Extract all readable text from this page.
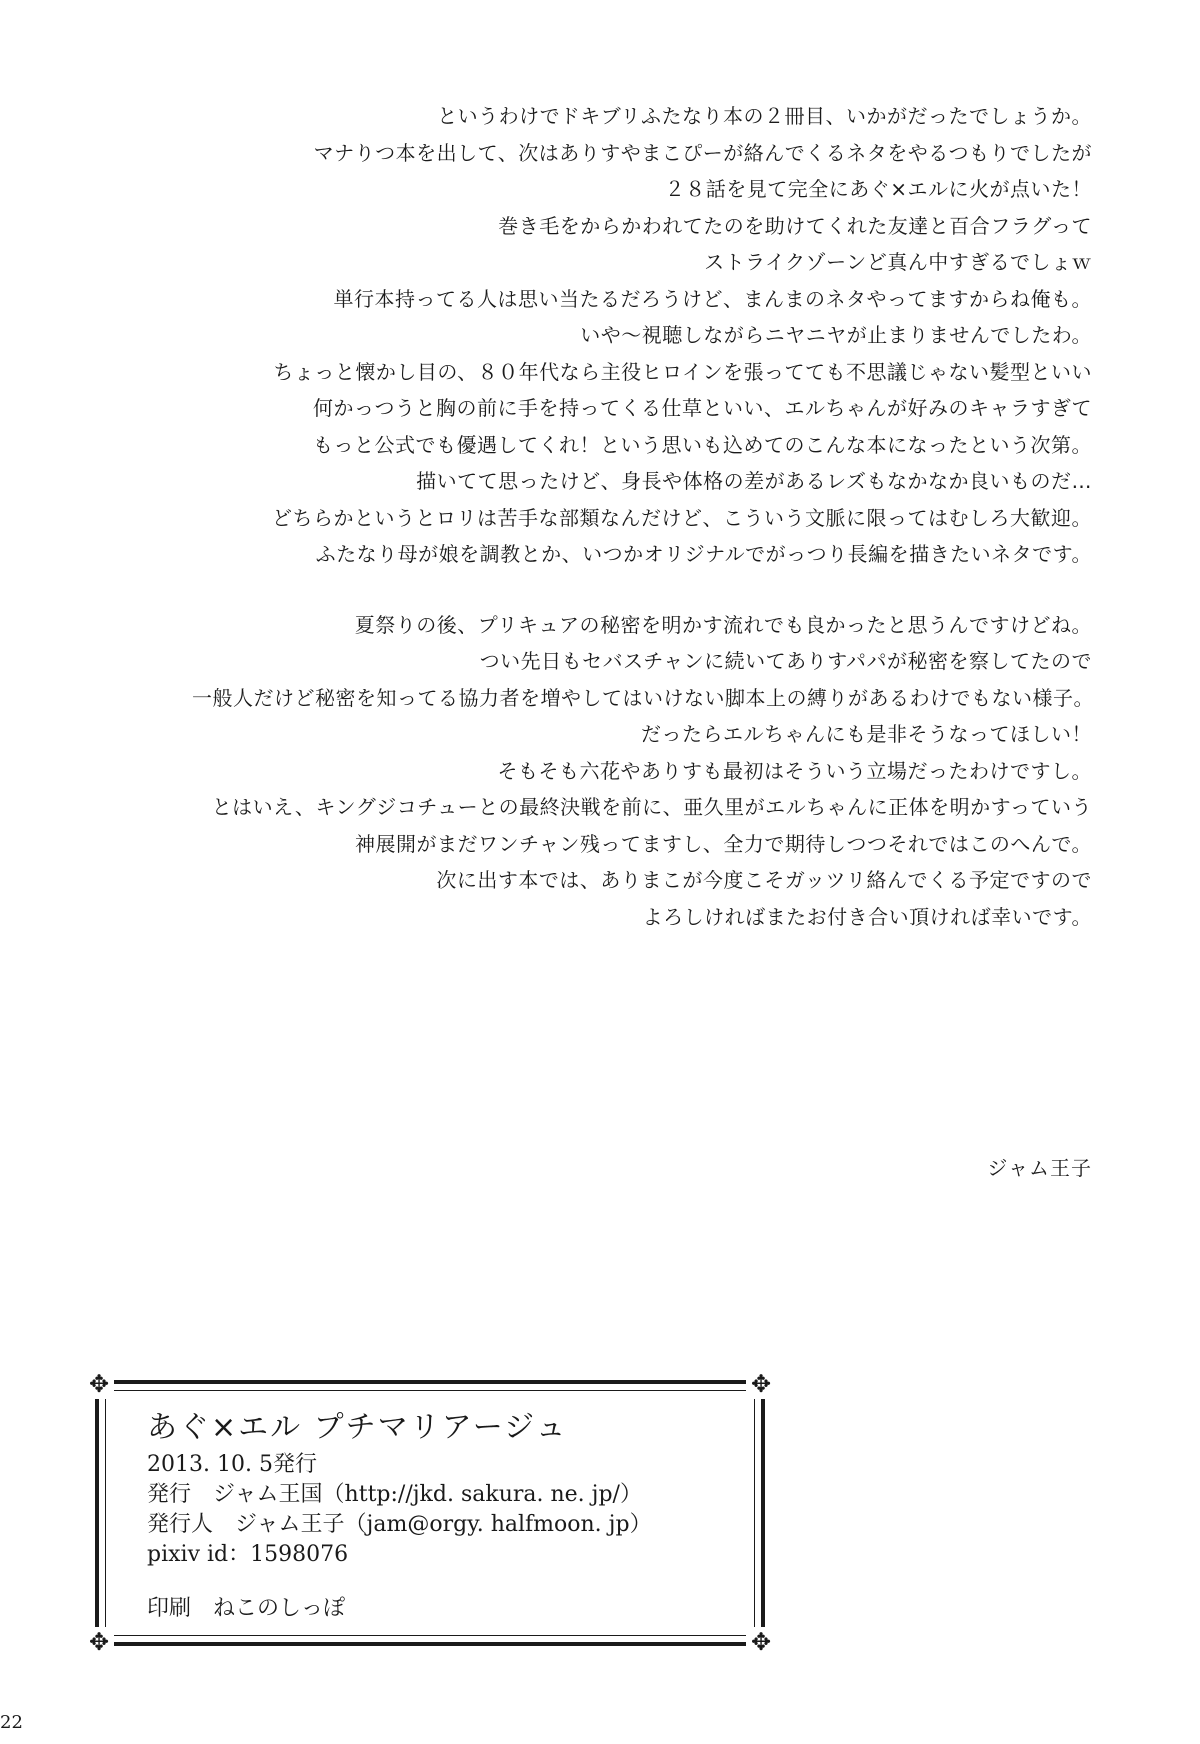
というわけでドキブリふたなり本の２冊目、いかがだったでしょうか。
マナりつ本を出して、次はありすやまこぴーが絡んでくるネタをやるつもりでしたが
２８話を見て完全にあぐ×エルに火が点いた！
巻き毛をからかわれてたのを助けてくれた友達と百合フラグって
ストライクゾーンど真ん中すぎるでしょｗ
単行本持ってる人は思い当たるだろうけど、まんまのネタやってますからね俺も。
いや～視聴しながらニヤニヤが止まりませんでしたわ。
ちょっと懐かし目の、８０年代なら主役ヒロインを張ってても不思議じゃない髪型といい
何かっつうと胸の前に手を持ってくる仕草といい、エルちゃんが好みのキャラすぎて
もっと公式でも優遇してくれ！という思いも込めてのこんな本になったという次第。
描いてて思ったけど、身長や体格の差があるレズもなかなか良いものだ…
どちらかというとロリは苦手な部類なんだけど、こういう文脈に限ってはむしろ大歓迎。
ふたなり母が娘を調教とか、いつかオリジナルでがっつり長編を描きたいネタです。
夏祭りの後、プリキュアの秘密を明かす流れでも良かったと思うんですけどね。
つい先日もセバスチャンに続いてありすパパが秘密を察してたので
一般人だけど秘密を知ってる協力者を増やしてはいけない脚本上の縛りがあるわけでもない様子。
だったらエルちゃんにも是非そうなってほしい！
そもそも六花やありすも最初はそういう立場だったわけですし。
とはいえ、キングジコチューとの最終決戦を前に、亜久里がエルちゃんに正体を明かすっていう
神展開がまだワンチャン残ってますし、全力で期待しつつそれではこのへんで。
次に出す本では、ありまこが今度こそガッツリ絡んでくる予定ですので
よろしければまたお付き合い頂ければ幸いです。
ジャム王子
✥	✥
✥	✥
あぐ×エル プチマリアージュ
2013. 10. 5発行
発行　ジャム王国（http://jkd. sakura. ne. jp/）
発行人　ジャム王子（jam@orgy. halfmoon. jp）
pixiv id：1598076
印刷　ねこのしっぽ
22
